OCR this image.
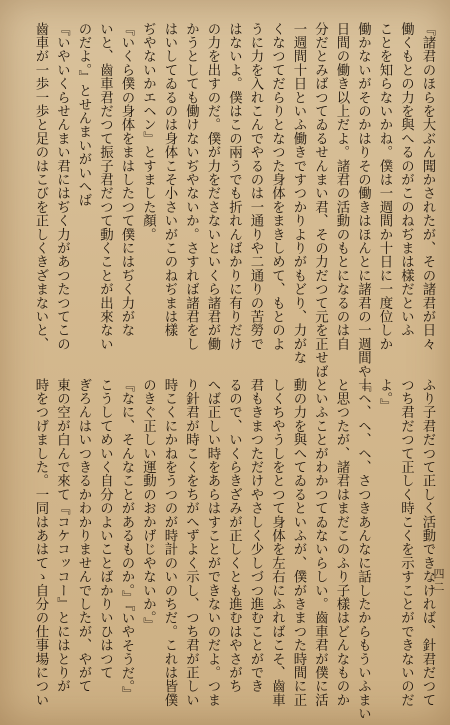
『諸君のほらを大ぶん聞かされたが、その諸君が日々
働くもとの力を與へるのがこのねぢまは樣だといふ
ことを知らないかね。僕は一週間か十日に一度位しか
働かないがそのかはりその働きはほんとに諸君の一週間や十
日間の働き以上だよ。諸君の活動のもとになるのは自
分だとみばつてゐるせんまい君、その力だつて元を正せば
一週間十日といふ働きですつかりよりがもどり、力がな
くなつてだらりとなつた身体をまきしめて、もとのよ
うに力を入れこんでやるのは一通りや二通りの苦勞で
はないよ。僕はこの兩うでも折れんばかりに有りだけ
の力を出すのだ。僕が力をださないといくら諸君が働
かうとしても働けないぢやないか。さすれば諸君をし
はいしてゐるのは身体こそ小さいがこのねぢまは樣
ぢやないかエヘン』とすました顏。
『いくら僕の身体をまはしたつて僕にはぢく力がな
いと、齒車君だつて振子君だつて動くことが出來ない
のだよ。』とせんまいがいへば
『いやいくらせんまい君にはぢく力があつたつてこの
齒車が一歩一歩と足のはこびを正しくきざまないと、
ふり子君だつて正しく活動できなければ、針君だつて
つち君だつて正しく時こくを示すことができないのだ
よ。』
『ヘ、ヘ、ヘ、さつきあんなに話したからもういふまい
と思つたが、諸君はまだこのふり子樣はどんなものか
といふことがわかつてゐないらしい。齒車君が僕に活
動の力を與へてゐるといふが、僕がきまつた時間に正
しくちやうしをとつて身体を左右にふればこそ、齒車
君もきまつただけやさしく少しづつ進むことができ
るので、いくらきざみが正しくとも進むはやさがち
へば正しい時をあらはすことができないのだよ。つま
り針君が時こくをちがへずよく示し、つち君が正しい
時こくにかねをうつのが時計のいのちだ。これは皆僕
のきぐ正しい運動のおかげじやないか。』
『なに、そんなことがあるものか。』『いやそうだ。』
こうしてめいく自分のよいことばかりいひはつて
ぎろんはいつきるかわかりませんでしたが、やがて
東の空が白んで來て『コケコッコー』とにはとりが
時をつげました。一同はあはてゝ自分の仕事場につい	四二
